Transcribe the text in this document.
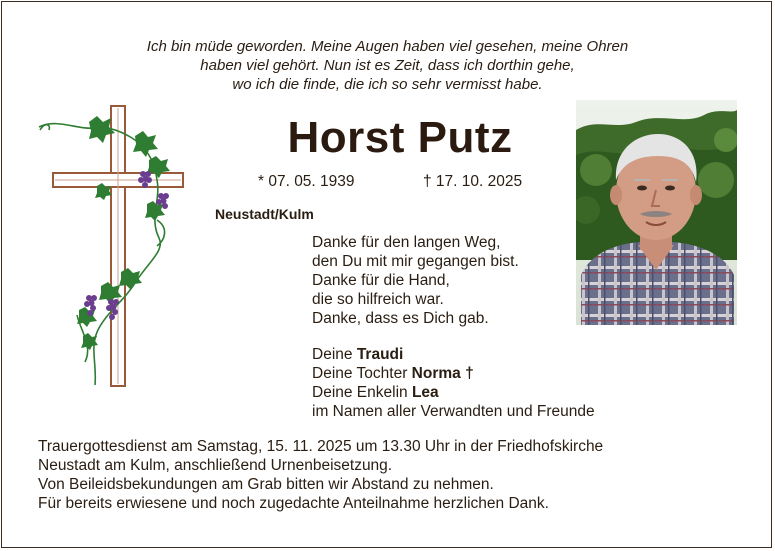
Ich bin müde geworden. Meine Augen haben viel gesehen, meine Ohren
haben viel gehört. Nun ist es Zeit, dass ich dorthin gehe,
wo ich die finde, die ich so sehr vermisst habe.
Horst Putz
* 07. 05. 1939	† 17. 10. 2025
Neustadt/Kulm
Danke für den langen Weg,
den Du mit mir gegangen bist.
Danke für die Hand,
die so hilfreich war.
Danke, dass es Dich gab.
Deine Traudi
Deine Tochter Norma †
Deine Enkelin Lea
im Namen aller Verwandten und Freunde
Trauergottesdienst am Samstag, 15. 11. 2025 um 13.30 Uhr in der Friedhofskirche
Neustadt am Kulm, anschließend Urnenbeisetzung.
Von Beileidsbekundungen am Grab bitten wir Abstand zu nehmen.
Für bereits erwiesene und noch zugedachte Anteilnahme herzlichen Dank.
